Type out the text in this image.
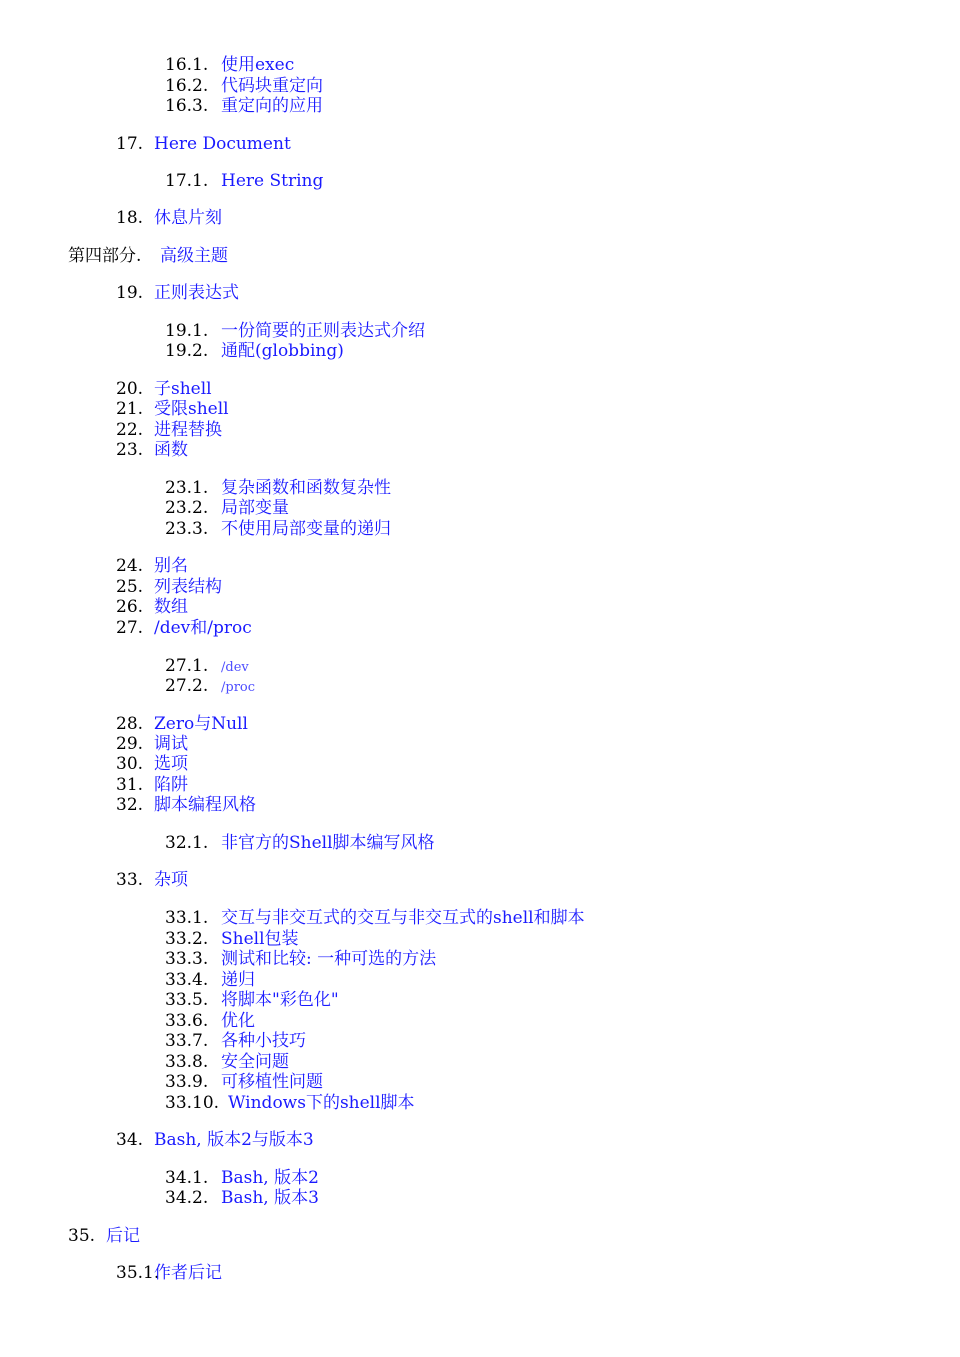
16.1. 使用exec
16.2. 代码块重定向
16.3. 重定向的应用
17. Here Document
17.1. Here String
18. 休息片刻
第四部分. 高级主题
19. 正则表达式
19.1. 一份简要的正则表达式介绍
19.2. 通配(globbing)
20. 子shell
21. 受限shell
22. 进程替换
23. 函数
23.1. 复杂函数和函数复杂性
23.2. 局部变量
23.3. 不使用局部变量的递归
24. 别名
25. 列表结构
26. 数组
27. /dev和/proc
27.1. /dev
27.2. /proc
28. Zero与Null
29. 调试
30. 选项
31. 陷阱
32. 脚本编程风格
32.1. 非官方的Shell脚本编写风格
33. 杂项
33.1. 交互与非交互式的交互与非交互式的shell和脚本
33.2. Shell包装
33.3. 测试和比较: 一种可选的方法
33.4. 递归
33.5. 将脚本"彩色化"
33.6. 优化
33.7. 各种小技巧
33.8. 安全问题
33.9. 可移植性问题
33.10. Windows下的shell脚本
34. Bash, 版本2与版本3
34.1. Bash, 版本2
34.2. Bash, 版本3
35. 后记
35.1.作者后记
